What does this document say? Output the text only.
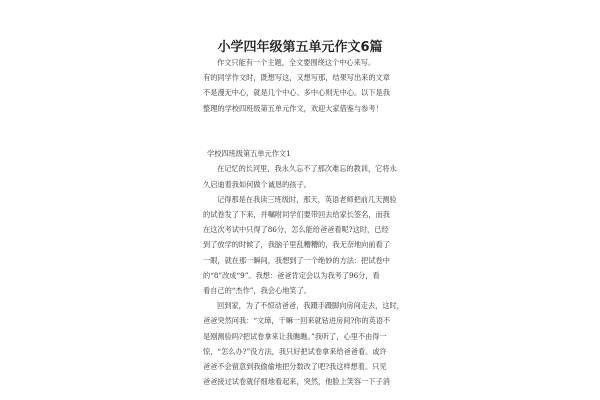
小学四年级第五单元作文6篇
作文只能有一个主题，全文要围绕这个中心来写。
有的同学作文时，既想写这，又想写那，结果写出来的文章
不是漫无中心，就是几个中心、多中心则无中心。以下是我
整理的学校四班级第五单元作文，欢迎大家借鉴与参考！
学校四班级第五单元作文1
在记忆的长河里，我永久忘不了那次难忘的教训，它将永
久启迪着我如何做个诚恳的孩子。
记得那是在我读三班级时，那天，英语老师把前几天测验
的试卷发了下来，并嘱咐同学们要带回去给家长签名，而我
在这次考试中只得了86分，怎么能给爸爸看呢?这时，已经
到了放学的时候了，我脑子里乱糟糟的，我无奈地向前看了
一眼，就在那一瞬间，我想到了一个绝妙的方法：把试卷中
的“8”改成“9”。我想：爸爸肯定会以为我考了96分，看
看自己的“杰作”，我会心地笑了。
回到家，为了不惊动爸爸，我蹑手蹑脚向房间走去，这时，
爸爸突然问我：“文璋，干嘛一回来就钻进房间?你的英语不
是刚测验吗?把试卷拿来让我瞧瞧。”我听了，心里不由得一
惊，“怎么办?”没方法，我只好把试卷拿来给爸爸看。或许
爸爸不会留意到我偷偷地把分数改了吧?我这样想着。只见
爸爸接过试卷就仔细地看起来，突然，他脸上笑容一下子消
